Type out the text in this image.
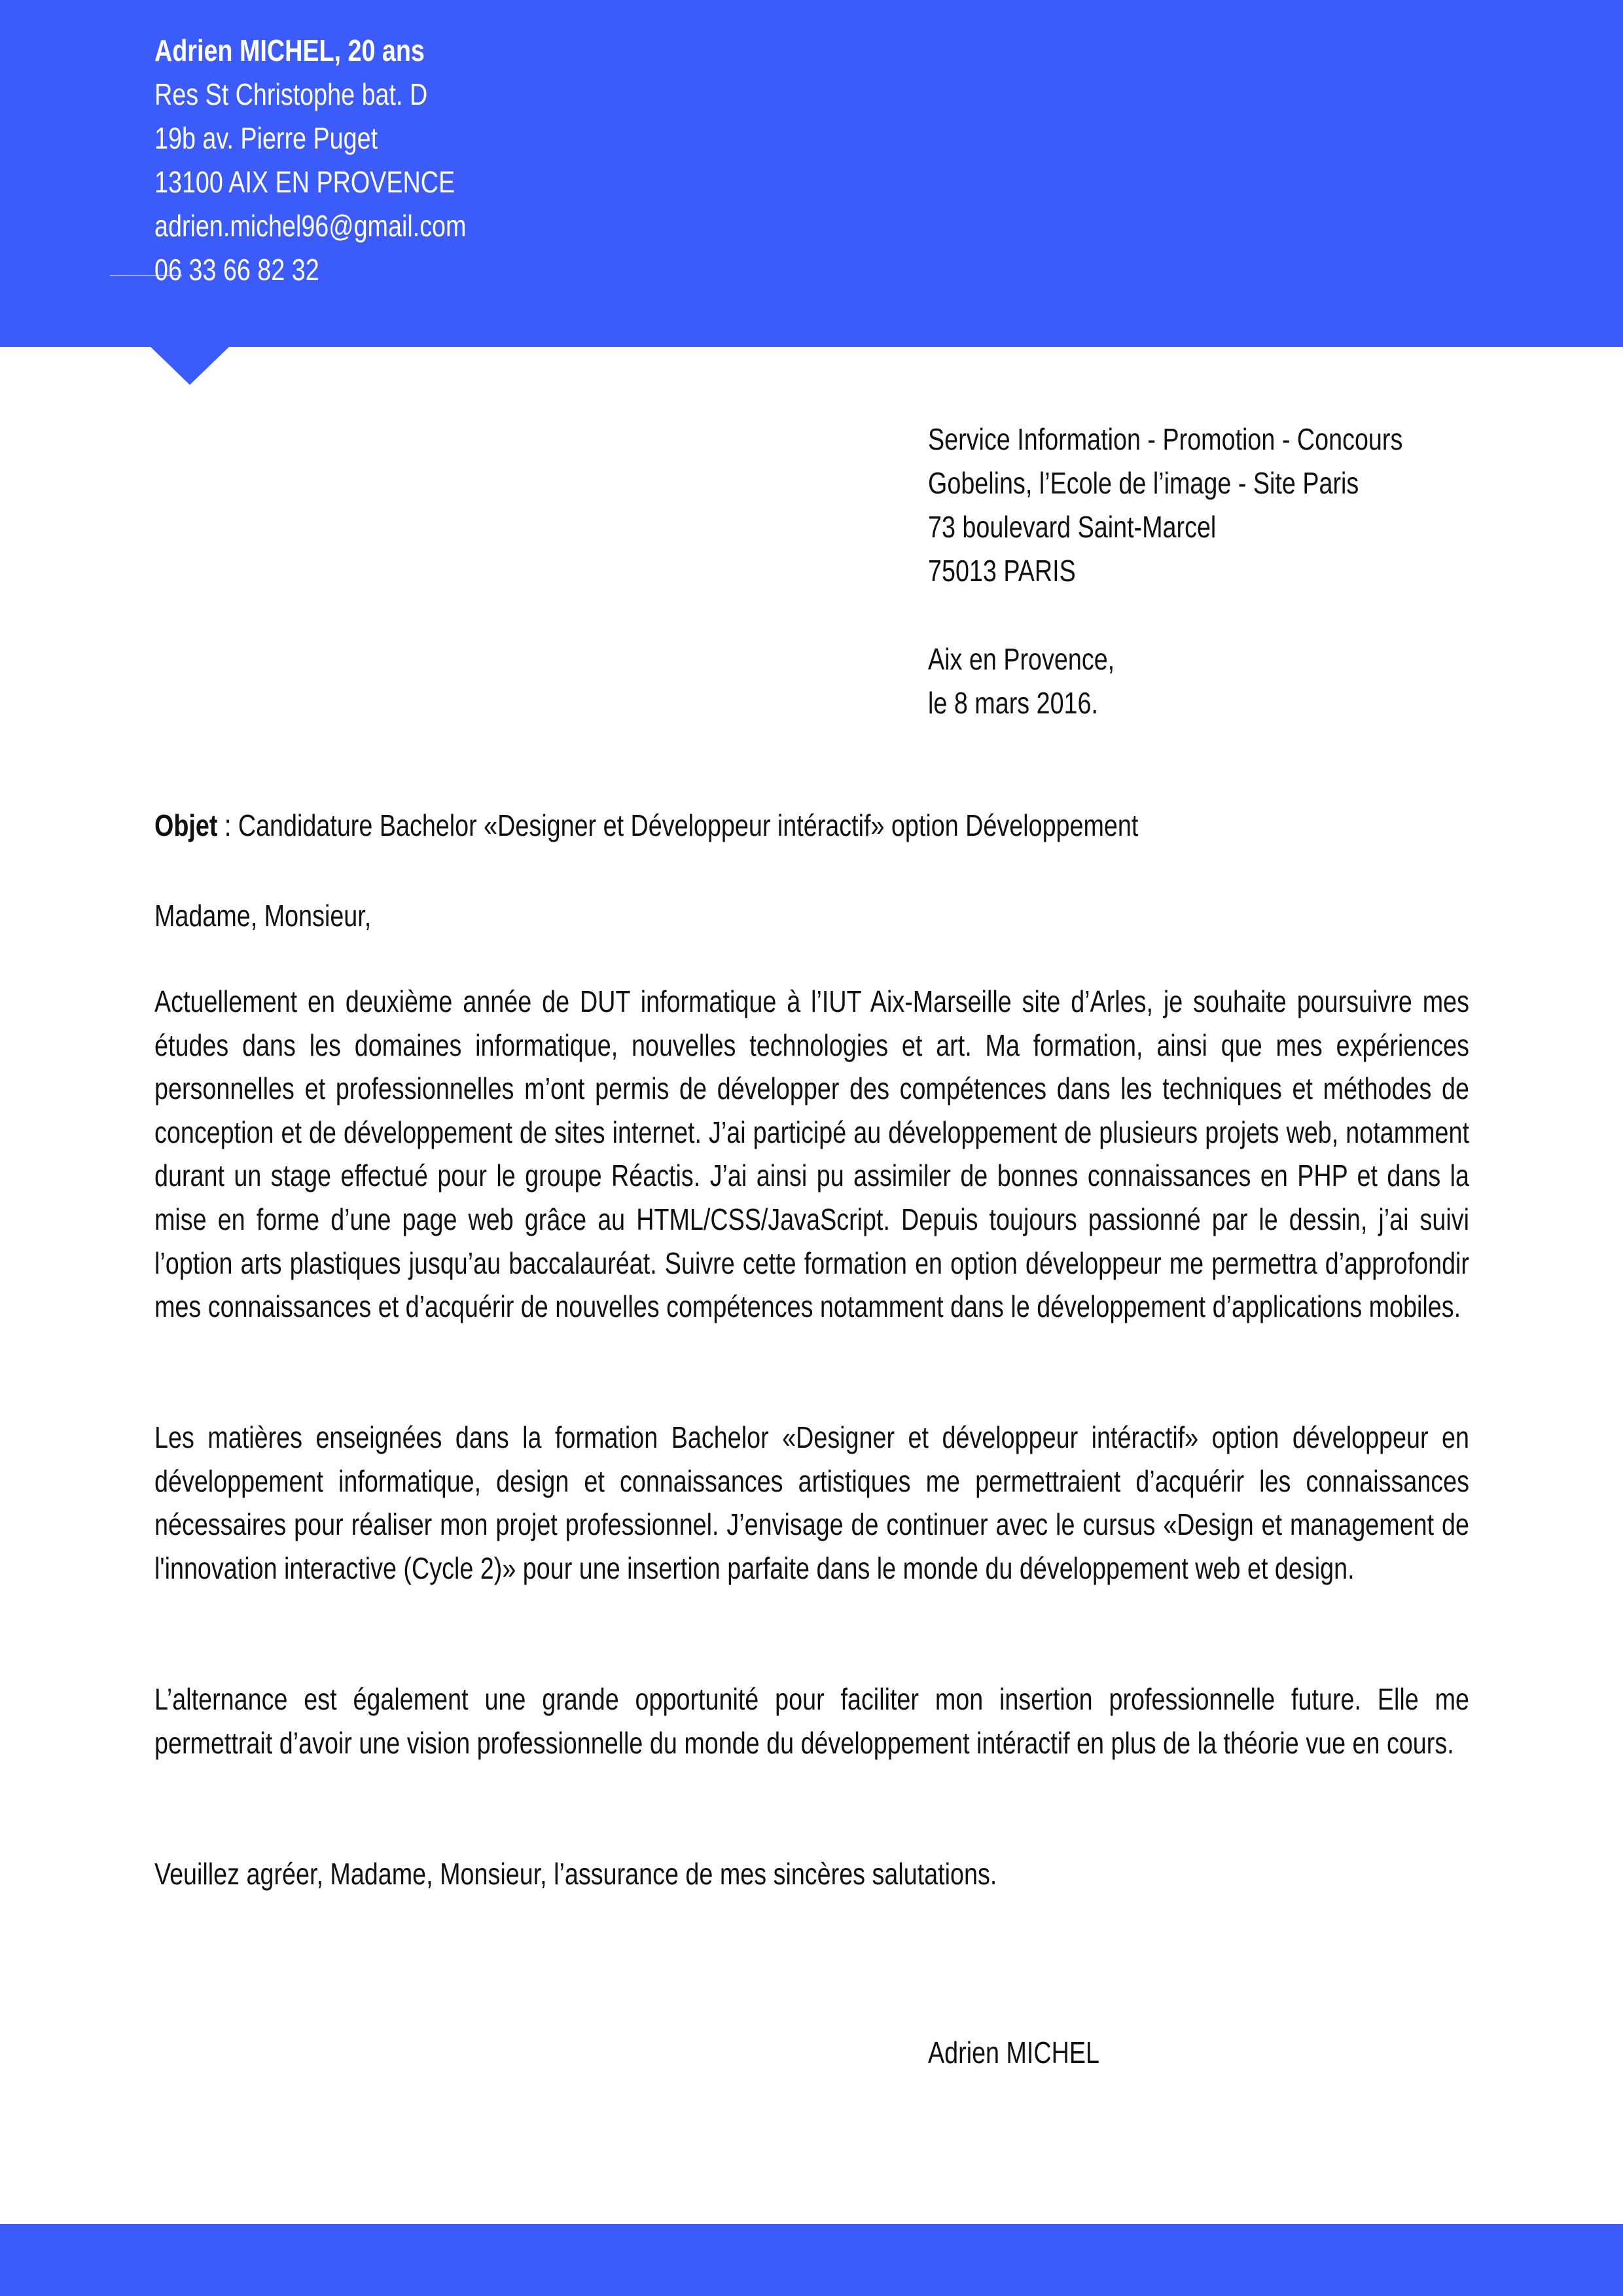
Adrien MICHEL, 20 ans
Res St Christophe bat. D
19b av. Pierre Puget
13100 AIX EN PROVENCE
adrien.michel96@gmail.com
06 33 66 82 32
Service Information - Promotion - Concours
Gobelins, l’Ecole de l’image - Site Paris
73 boulevard Saint-Marcel
75013 PARIS
Aix en Provence,
le 8 mars 2016.
Objet : Candidature Bachelor «Designer et Développeur intéractif» option Développement
Madame, Monsieur,
Actuellement en deuxième année de DUT informatique à l’IUT Aix-Marseille site d’Arles, je souhaite poursuivre mes études dans les domaines informatique, nouvelles technologies et art. Ma formation, ainsi que mes expériences personnelles et professionnelles m’ont permis de développer des compétences dans les techniques et méthodes de conception et de développement de sites internet. J’ai participé au développement de plusieurs projets web, notamment durant un stage effectué pour le groupe Réactis. J’ai ainsi pu assimiler de bonnes connaissances en PHP et dans la mise en forme d’une page web grâce au HTML/CSS/JavaScript. Depuis toujours passionné par le dessin, j’ai suivi l’option arts plastiques jusqu’au baccalauréat. Suivre cette formation en option développeur me permettra d’approfondir mes connaissances et d’acquérir de nouvelles compétences notamment dans le développement d’applications mobiles.
Les matières enseignées dans la formation Bachelor «Designer et développeur intéractif» option développeur en développement informatique, design et connaissances artistiques me permettraient d’acquérir les connaissances nécessaires pour réaliser mon projet professionnel. J’envisage de continuer avec le cursus «Design et management de l'innovation interactive (Cycle 2)» pour une insertion parfaite dans le monde du développement web et design.
L’alternance est également une grande opportunité pour faciliter mon insertion professionnelle future. Elle me permettrait d’avoir une vision professionnelle du monde du développement intéractif en plus de la théorie vue en cours.
Veuillez agréer, Madame, Monsieur, l’assurance de mes sincères salutations.
Adrien MICHEL
